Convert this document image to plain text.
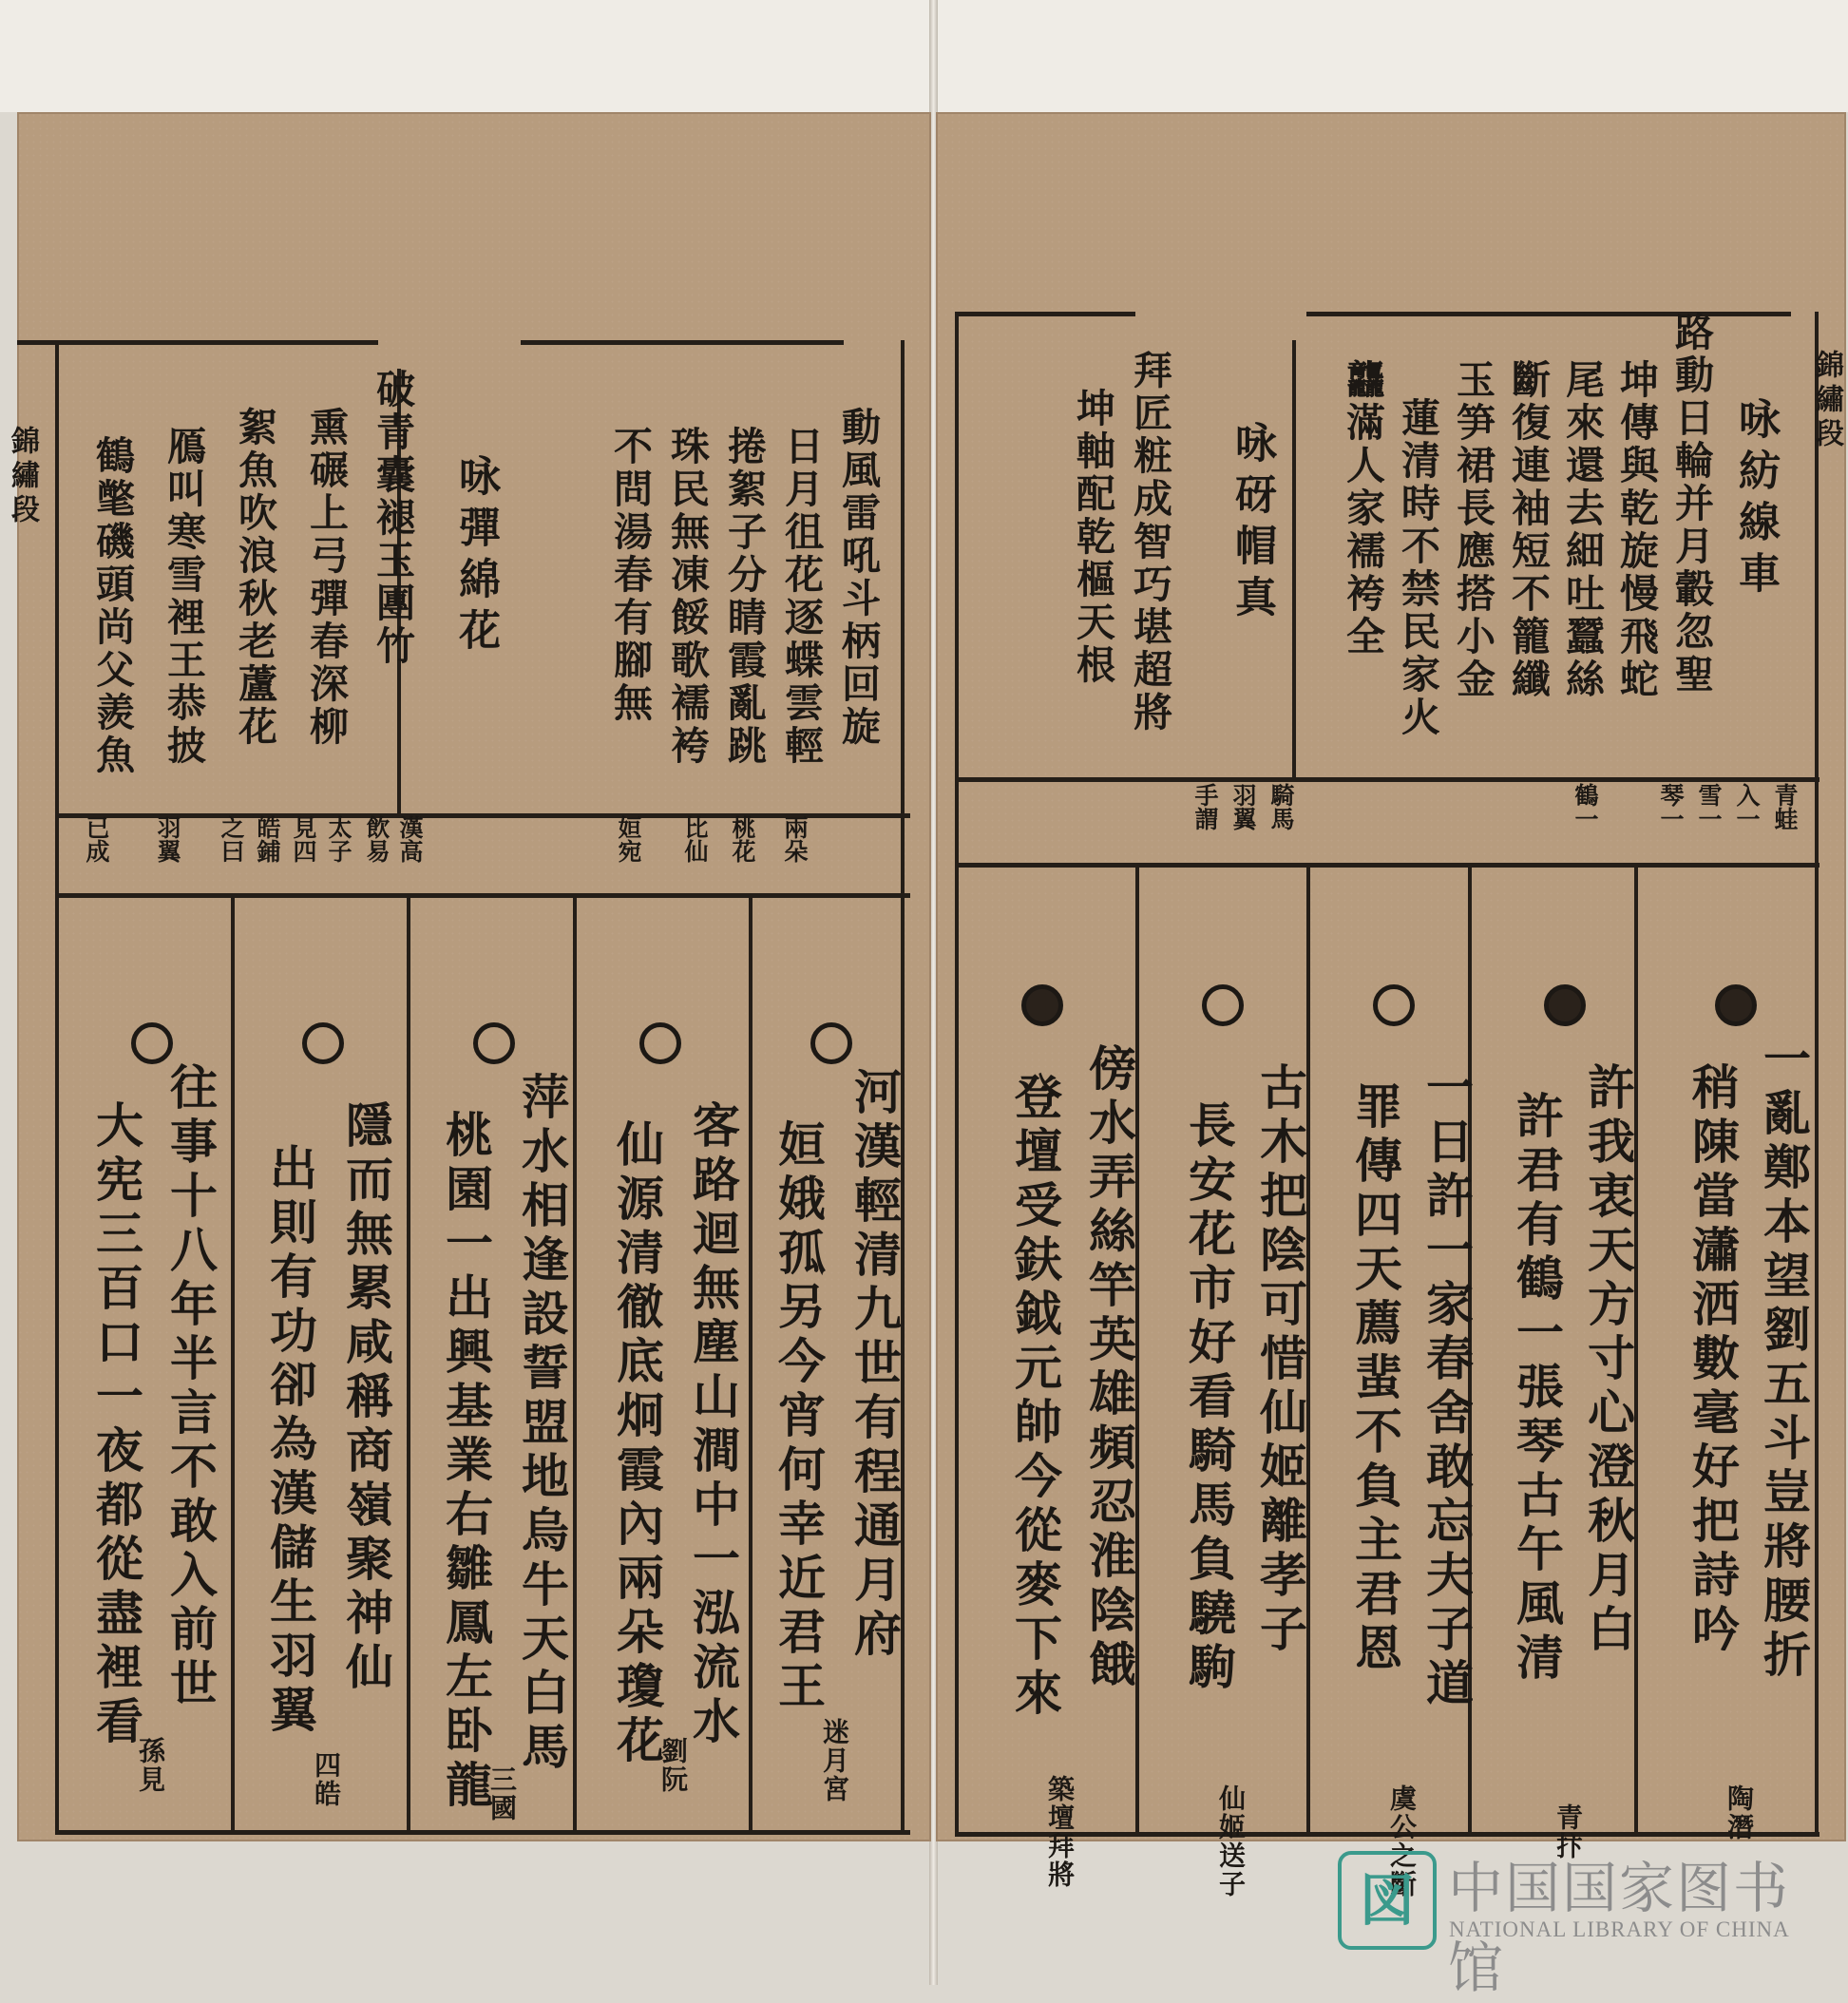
動風雷吼斗柄回旋
日月徂花逐蝶雲輕
捲絮子分睛霞亂跳
珠民無凍餒歌襦袴
不問湯春有腳無
咏彈綿花
破青囊褪玉團竹
熏碾上弓彈春深柳
絮魚吹浪秋老蘆花
鴈叫寒雪裡王恭披
鶴氅磯頭尚父羨魚
漢高
飲易
太子
見四
皓鋪
之曰
羽翼
已成	兩朵
桃花
比仙
姮宛
河漢輕清九世有程通月府
姮娥孤另今宵何幸近君王
迷月宮
客路迴無塵山澗中一泓流水
仙源清徹底炯霞內兩朵瓊花
劉阮
萍水相逢設誓盟地烏牛天白馬
桃園一出興基業右雛鳳左卧龍
三國
隱而無累咸稱商嶺聚神仙
出則有功卻為漢儲生羽翼
四皓
往事十八年半言不敢入前世
大宪三百口一夜都從盡裡看
孫見
錦繡段	咏紡線車
路動日輪并月轂忽聖
坤傳與乾旋慢飛蛇
尾來還去細吐蠶絲
斷復連袖短不籠纖
玉笋裙長應搭小金
蓮清時不禁民家火
龘滿人家襦袴全
咏砑帽真
拜匠粧成智巧堪超將
坤軸配乾樞天根
青蛙
入一
雪一
琴一
鶴一
騎馬
羽翼
手謂
一亂鄭本望劉五斗豈將腰折
稍陳當瀟洒數毫好把詩吟
陶潛
許我衷天方寸心澄秋月白
許君有鶴一張琴古午風清
青抃
一日許一家春舍敢忘夫子道
罪傳四天薦蜚不負主君恩
虞公之斷
古木把陰可惜仙姬離孝子
長安花市好看騎馬負驍駒
仙姬送子
傍水弄絲竿英雄頻忍淮陰餓
登壇受鈇鉞元帥今從麥下來
築壇拜將
錦繡段
図 中国国家图书馆
NATIONAL LIBRARY OF CHINA
